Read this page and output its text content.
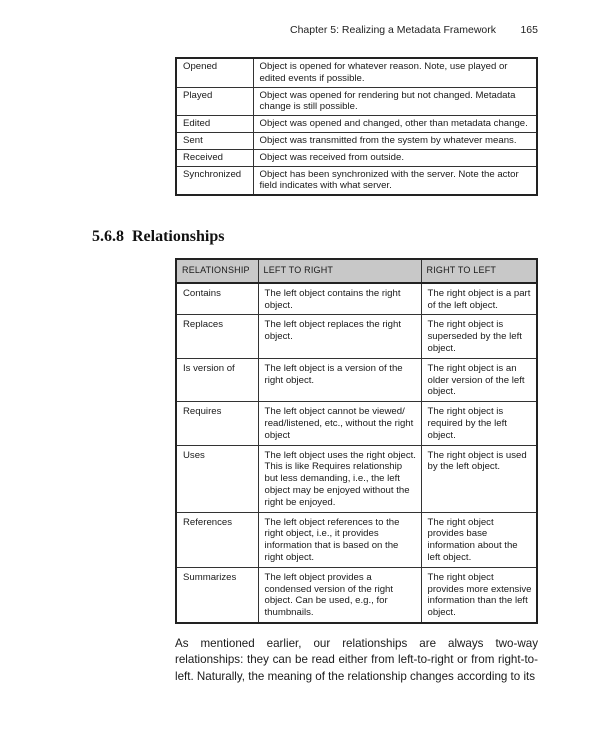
Chapter 5: Realizing a Metadata Framework 165
Opened	Object is opened for whatever reason. Note, use played or edited events if possible.
Played	Object was opened for rendering but not changed. Metadata change is still possible.
Edited	Object was opened and changed, other than metadata change.
Sent	Object was transmitted from the system by whatever means.
Received	Object was received from outside.
Synchronized	Object has been synchronized with the server. Note the actor field indicates with what server.
5.6.8 Relationships
RELATIONSHIP	LEFT TO RIGHT	RIGHT TO LEFT
Contains	The left object contains the right object.	The right object is a part of the left object.
Replaces	The left object replaces the right object.	The right object is superseded by the left object.
Is version of	The left object is a version of the right object.	The right object is an older version of the left object.
Requires	The left object cannot be viewed/ read/listened, etc., without the right object	The right object is required by the left object.
Uses	The left object uses the right object. This is like Requires relationship but less demanding, i.e., the left object may be enjoyed without the right be enjoyed.	The right object is used by the left object.
References	The left object references to the right object, i.e., it provides information that is based on the right object.	The right object provides base information about the left object.
Summarizes	The left object provides a condensed version of the right object. Can be used, e.g., for thumbnails.	The right object provides more extensive information than the left object.

As mentioned earlier, our relationships are always two-way relationships: they can be read either from left-to-right or from right-to-left. Naturally, the meaning of the relationship changes according to its
